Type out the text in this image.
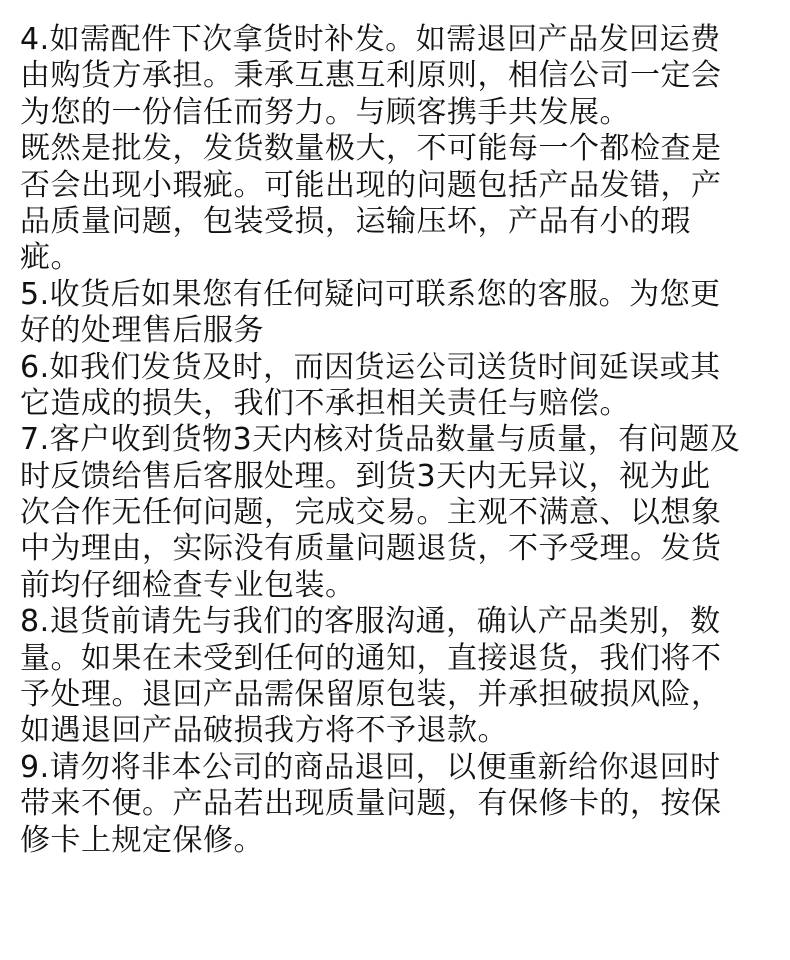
4.如需配件下次拿货时补发。如需退回产品发回运费
由购货方承担。秉承互惠互利原则，相信公司一定会
为您的一份信任而努力。与顾客携手共发展。
既然是批发，发货数量极大，不可能每一个都检查是
否会出现小瑕疵。可能出现的问题包括产品发错，产
品质量问题，包装受损，运输压坏，产品有小的瑕
疵。
5.收货后如果您有任何疑问可联系您的客服。为您更
好的处理售后服务
6.如我们发货及时，而因货运公司送货时间延误或其
它造成的损失，我们不承担相关责任与赔偿。
7.客户收到货物3天内核对货品数量与质量，有问题及
时反馈给售后客服处理。到货3天内无异议，视为此
次合作无任何问题，完成交易。主观不满意、以想象
中为理由，实际没有质量问题退货，不予受理。发货
前均仔细检查专业包装。
8.退货前请先与我们的客服沟通，确认产品类别，数
量。如果在未受到任何的通知，直接退货，我们将不
予处理。退回产品需保留原包装，并承担破损风险，
如遇退回产品破损我方将不予退款。
9.请勿将非本公司的商品退回，以便重新给你退回时
带来不便。产品若出现质量问题，有保修卡的，按保
修卡上规定保修。
